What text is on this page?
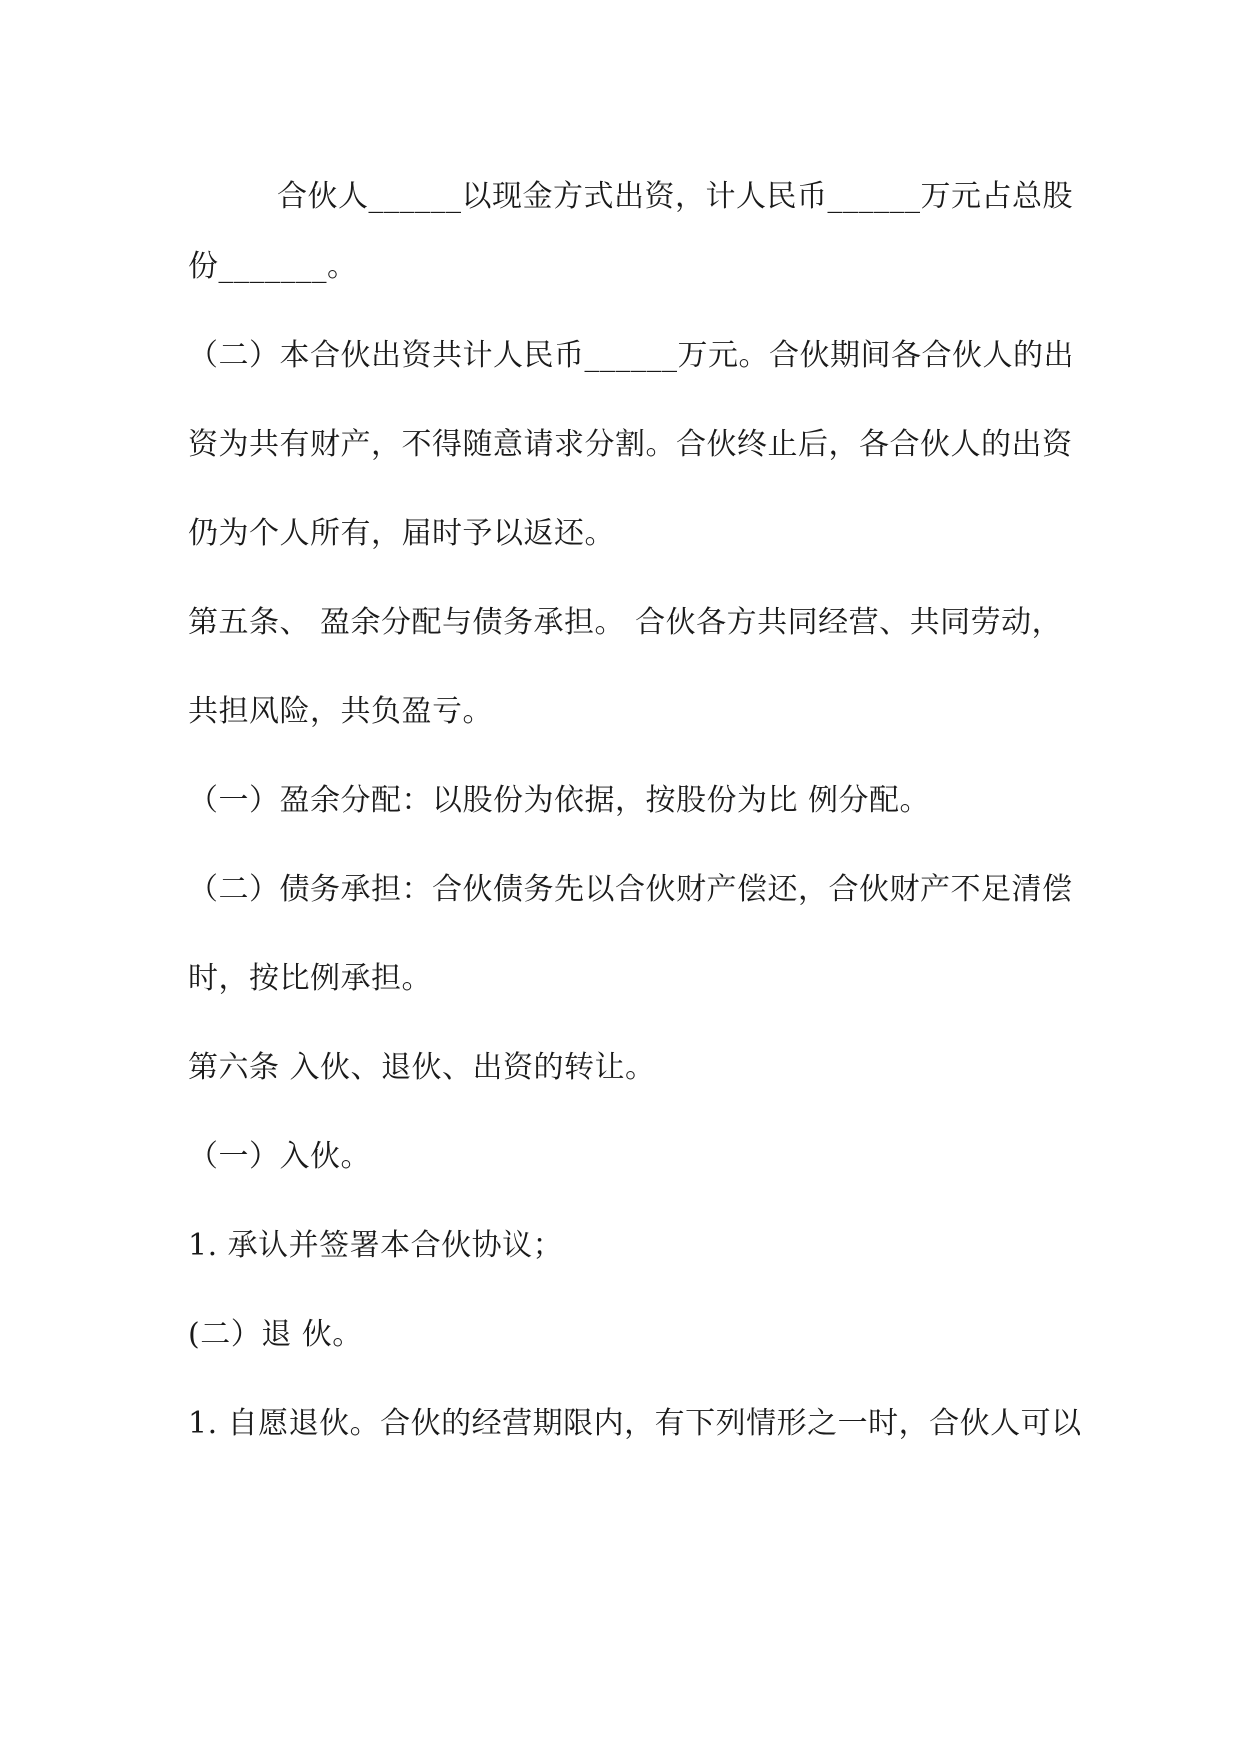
合伙人______以现金方式出资，计人民币______万元占总股

份_______。

（二）本合伙出资共计人民币______万元。合伙期间各合伙人的出

资为共有财产，不得随意请求分割。合伙终止后，各合伙人的出资

仍为个人所有，届时予以返还。

第五条、 盈余分配与债务承担。 合伙各方共同经营、共同劳动，

共担风险，共负盈亏。

（一）盈余分配：以股份为依据，按股份为比 例分配。

（二）债务承担：合伙债务先以合伙财产偿还，合伙财产不足清偿

时，按比例承担。

第六条 入伙、退伙、出资的转让。

（一）入伙。

1. 承认并签署本合伙协议；

(二）退 伙。

1. 自愿退伙。合伙的经营期限内，有下列情形之一时，合伙人可以
